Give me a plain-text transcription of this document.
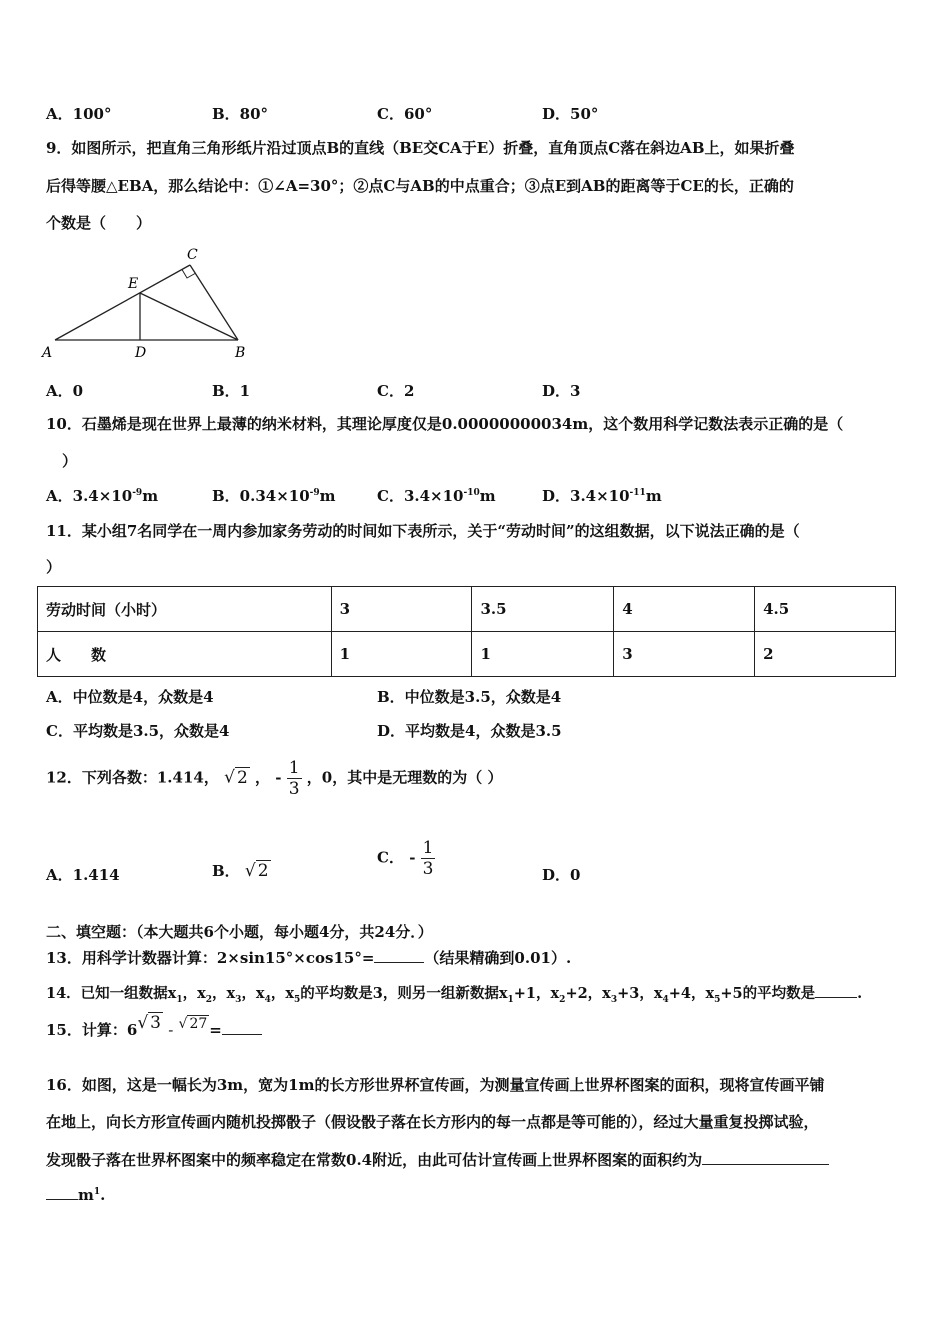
A．100°	B．80°	C．60°	D．50°
9．如图所示，把直角三角形纸片沿过顶点B的直线（BE交CA于E）折叠，直角顶点C落在斜边AB上，如果折叠
后得等腰△EBA，那么结论中：①∠A=30°；②点C与AB的中点重合；③点E到AB的距离等于CE的长，正确的
个数是（　　）
A	D	B
C
E
A．0	B．1	C．2	D．3
10．石墨烯是现在世界上最薄的纳米材料，其理论厚度仅是0.00000000034m，这个数用科学记数法表示正确的是（
）
A．$3.4\times 10^{-9}m$	B．$0.34\times 10^{-9}m$	C．$3.4\times 10^{-10}m$	D．$3.4\times 10^{-11}m$
11．某小组7名同学在一周内参加家务劳动的时间如下表所示，关于“劳动时间”的这组数据，以下说法正确的是（
）
劳动时间（小时）	3	3.5	4	4.5
人　　数	1	1	3	2
A．中位数是4，众数是4	B．中位数是3.5，众数是4
C．平均数是3.5，众数是4	D．平均数是4，众数是3.5
12．下列各数：1.414， √ 2 ， - $\frac{1}{3}$ ，0，其中是无理数的为（ ）
A．1.414	B． √ 2
C． - $\frac{1}{3}$	D．0
二、填空题：（本大题共6个小题，每小题4分，共24分．）
13．用科学计数器计算：2×sin15°×cos15°=	（结果精确到0.01）.
14．已知一组数据$x_1$，$x_2$，$x_3$，$x_4$，$x_5$的平均数是3，则另一组新数据$x_1+1$，$x_2+2$，$x_3+3$，$x_4+4$，$x_5+5$的平均数是	.
15．计算：6√ 3 - √ 27 =
16．如图，这是一幅长为3m，宽为1m的长方形世界杯宣传画，为测量宣传画上世界杯图案的面积，现将宣传画平铺
在地上，向长方形宣传画内随机投掷骰子（假设骰子落在长方形内的每一点都是等可能的），经过大量重复投掷试验，
发现骰子落在世界杯图案中的频率稳定在常数0.4附近，由此可估计宣传画上世界杯图案的面积约为
$m^1$.
